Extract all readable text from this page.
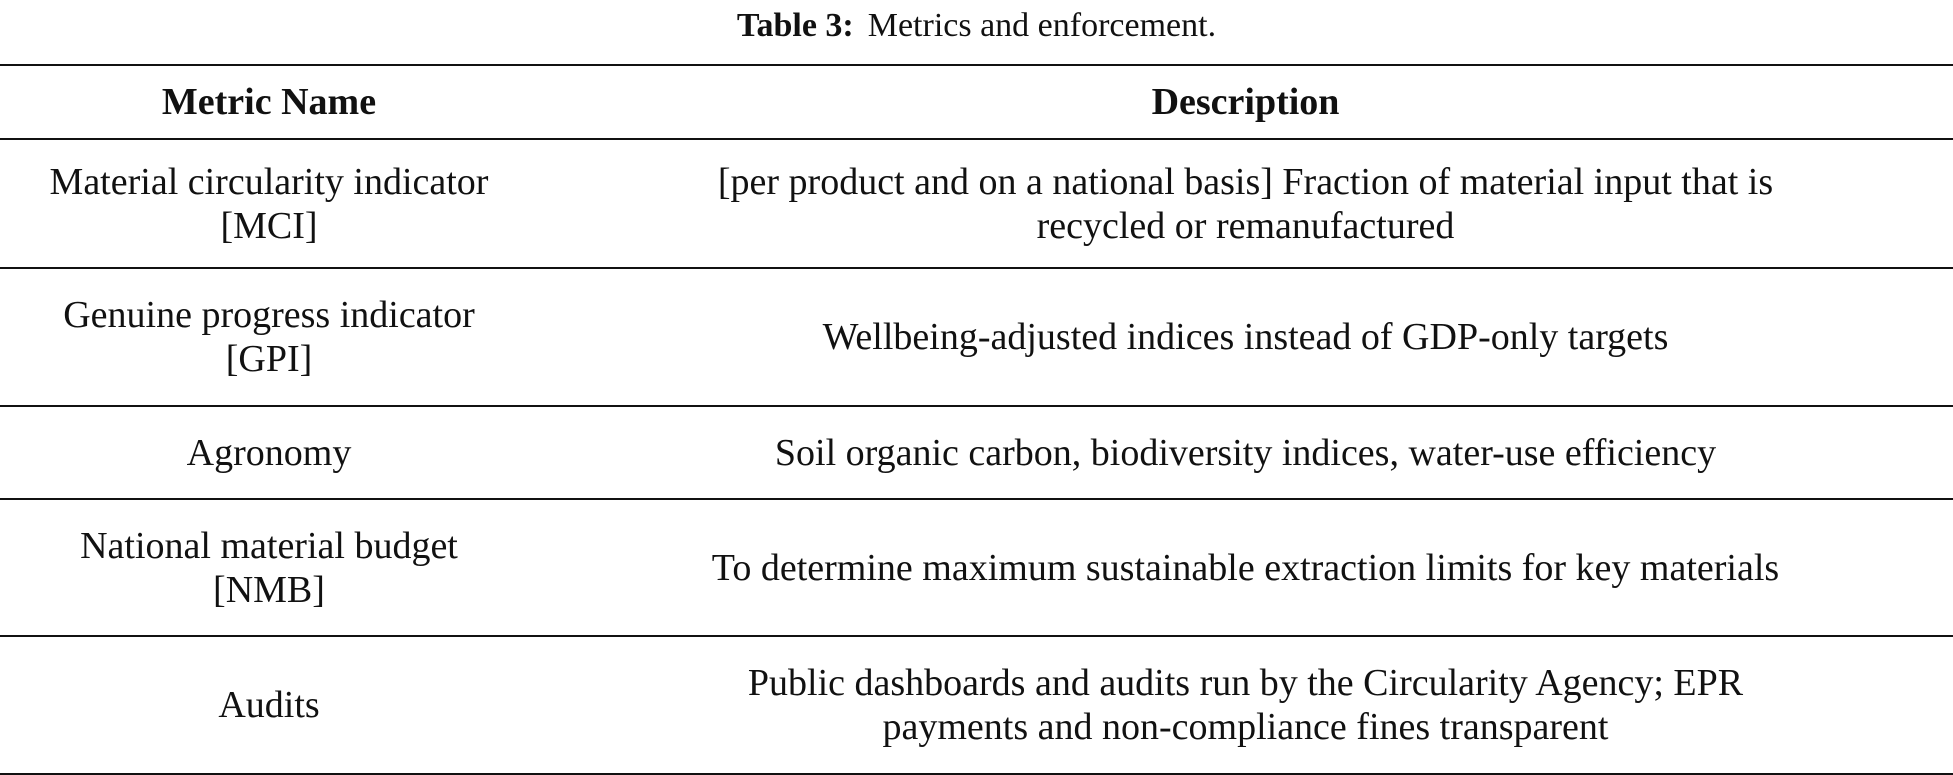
Table 3: Metrics and enforcement.
Metric Name	Description

Material circularity indicator
[MCI]	[per product and on a national basis] Fraction of material input that is
recycled or remanufactured

Genuine progress indicator
[GPI]	Wellbeing-adjusted indices instead of GDP-only targets

Agronomy	Soil organic carbon, biodiversity indices, water-use efficiency

National material budget
[NMB]	To determine maximum sustainable extraction limits for key materials

Audits	Public dashboards and audits run by the Circularity Agency; EPR
payments and non-compliance fines transparent
